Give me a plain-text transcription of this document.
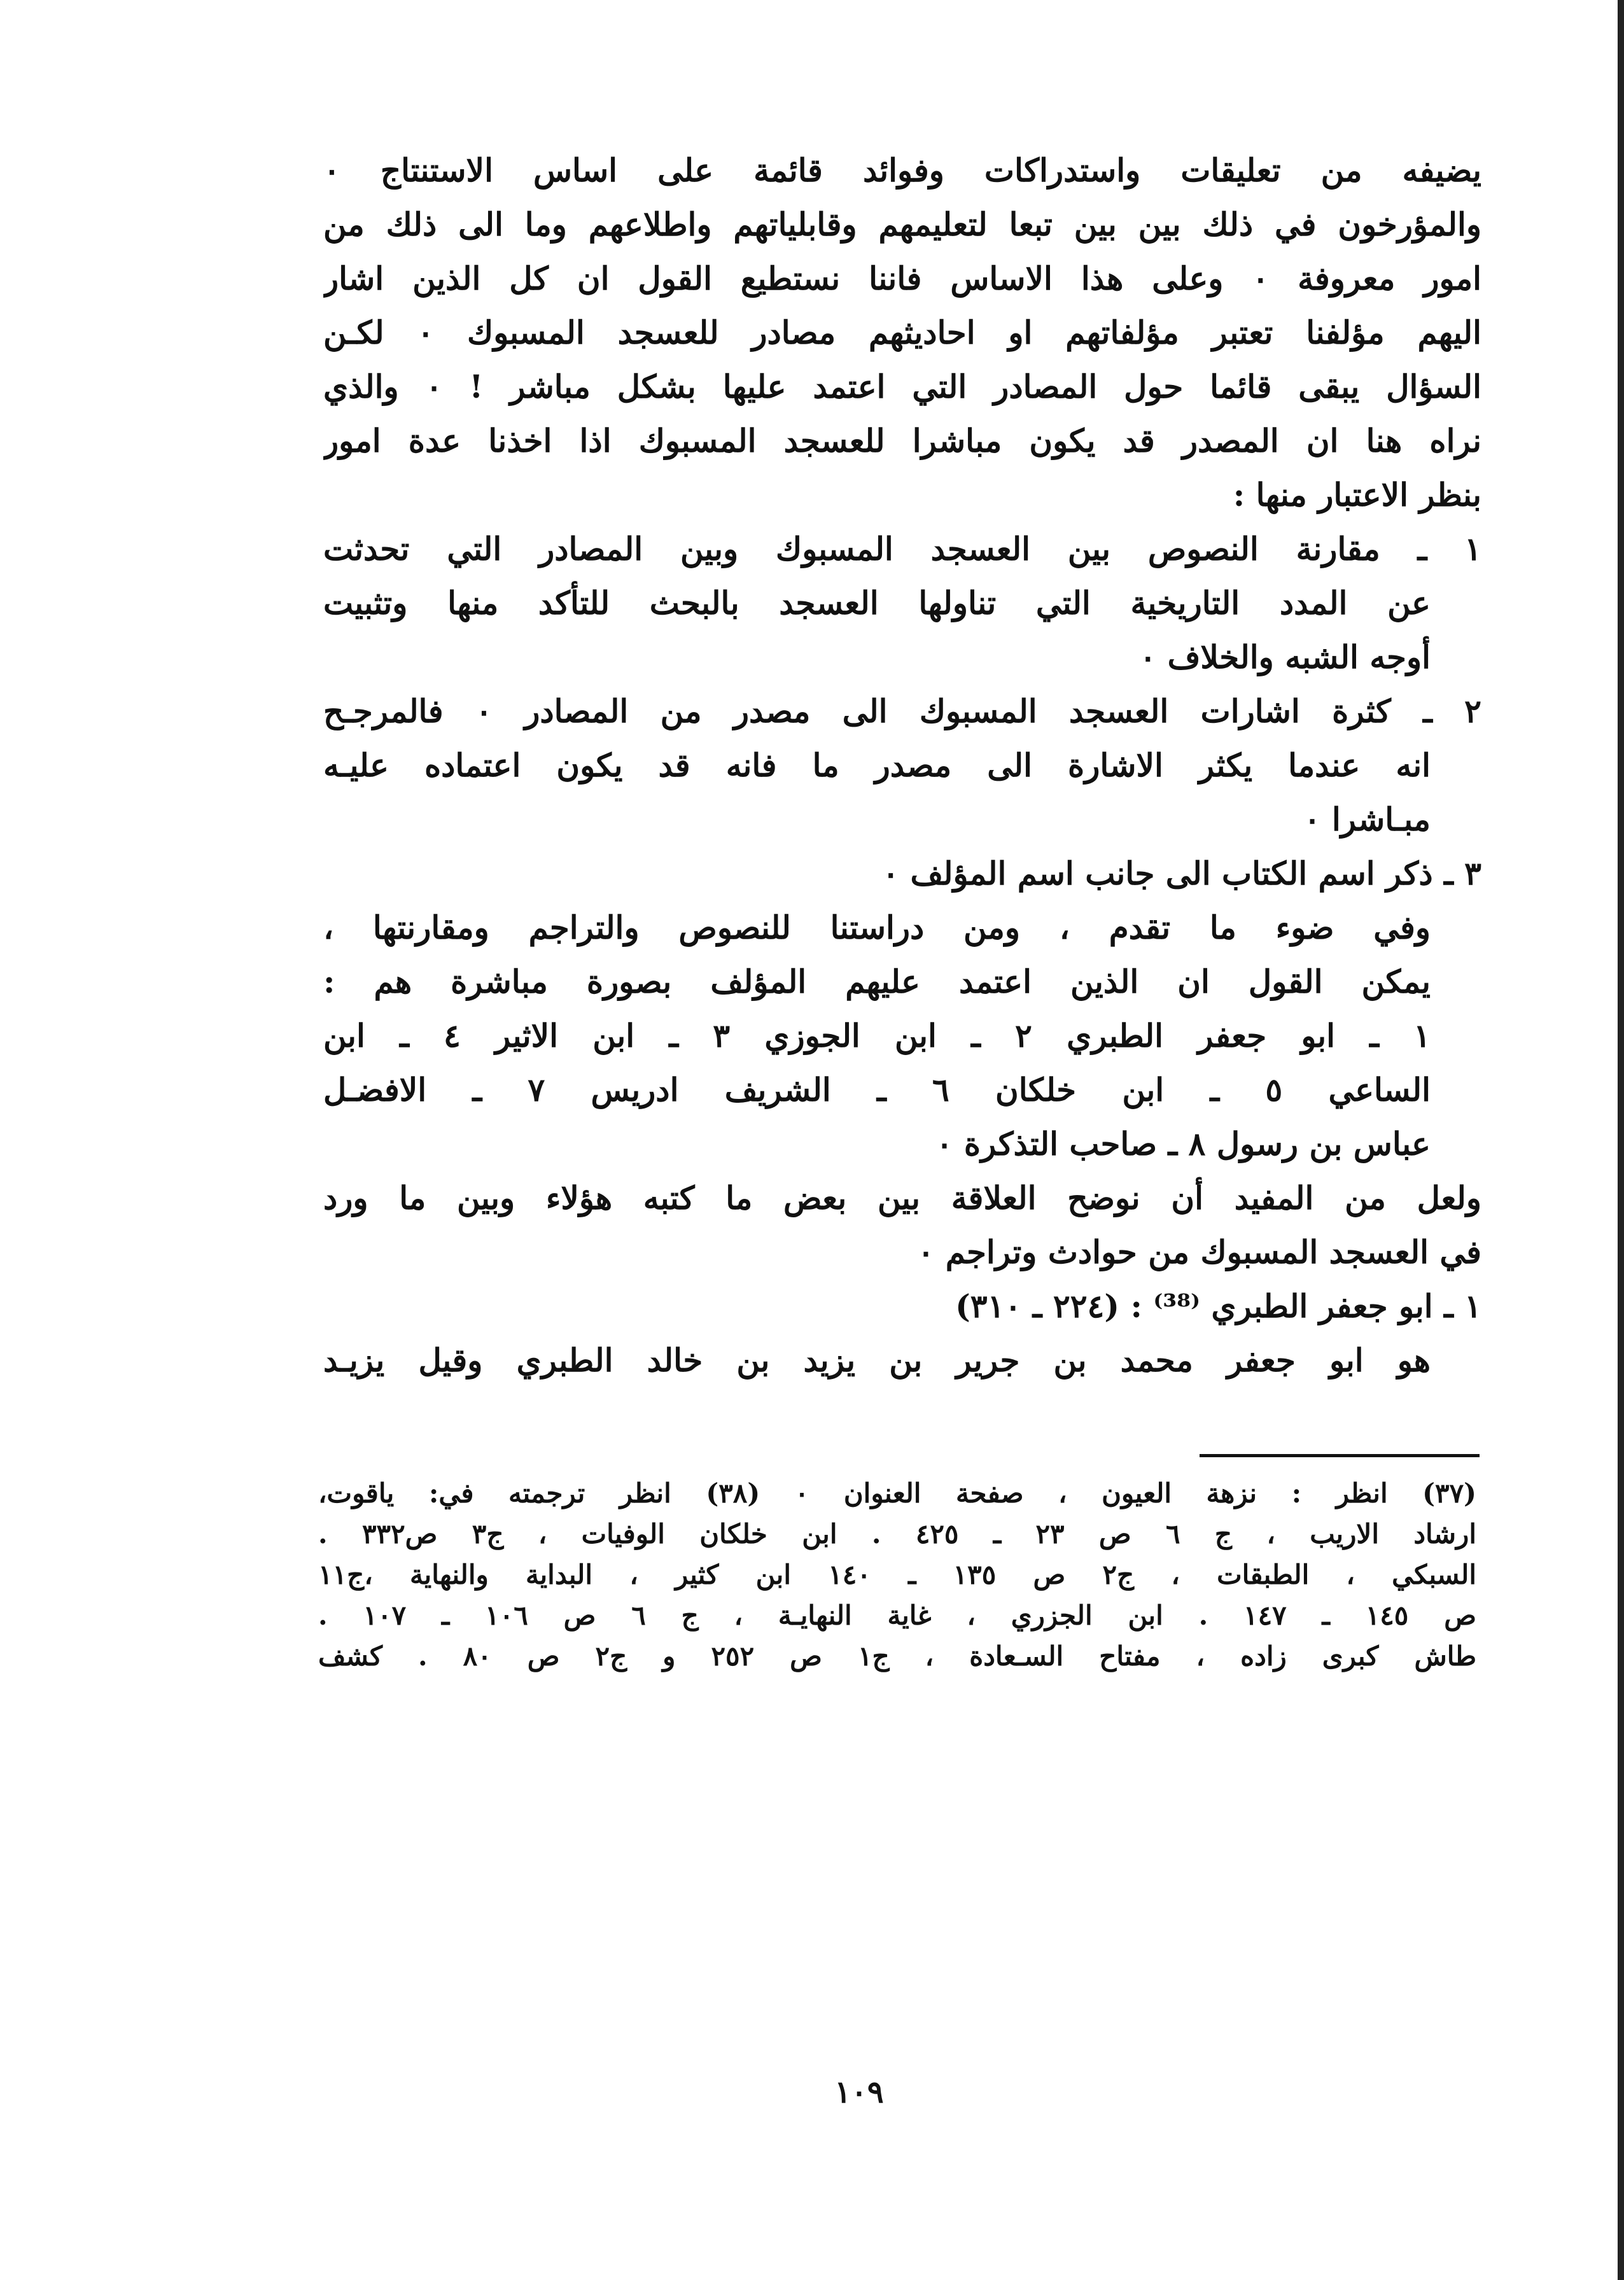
يضيفه من تعليقات واستدراكات وفوائد قائمة على اساس الاستنتاج ٠
والمؤرخون في ذلك بين بين تبعا لتعليمهم وقابلياتهم واطلاعهم وما الى ذلك من
امور معروفة ٠ وعلى هذا الاساس فاننا نستطيع القول ان كل الذين اشار
اليهم مؤلفنا تعتبر مؤلفاتهم او احاديثهم مصادر للعسجد المسبوك ٠ لكـن
السؤال يبقى قائما حول المصادر التي اعتمد عليها بشكل مباشر ! ٠ والذي
نراه هنا ان المصدر قد يكون مباشرا للعسجد المسبوك اذا اخذنا عدة امور
بنظر الاعتبار منها :
١ ـ مقارنة النصوص بين العسجد المسبوك وبين المصادر التي تحدثت
عن المدد التاريخية التي تناولها العسجد بالبحث للتأكد منها وتثبيت
أوجه الشبه والخلاف ٠
٢ ـ كثرة اشارات العسجد المسبوك الى مصدر من المصادر ٠ فالمرجـح
انه عندما يكثر الاشارة الى مصدر ما فانه قد يكون اعتماده عليـه
مبـاشرا ٠
٣ ـ ذكر اسم الكتاب الى جانب اسم المؤلف ٠
وفي ضوء ما تقدم ، ومن دراستنا للنصوص والتراجم ومقارنتها ،
يمكن القول ان الذين اعتمد عليهم المؤلف بصورة مباشرة هم :
١ ـ ابو جعفر الطبري ٢ ـ ابن الجوزي ٣ ـ ابن الاثير ٤ ـ ابن
الساعي ٥ ـ ابن خلكان ٦ ـ الشريف ادريس ٧ ـ الافضـل
عباس بن رسول ٨ ـ صاحب التذكرة ٠
ولعل من المفيد أن نوضح العلاقة بين بعض ما كتبه هؤلاء وبين ما ورد
في العسجد المسبوك من حوادث وتراجم ٠
١ ـ ابو جعفر الطبري ⁽³⁸⁾ : (٢٢٤ ـ ٣١٠)
هو ابو جعفر محمد بن جرير بن يزيد بن خالد الطبري وقيل يزيـد
(٣٧) انظر : نزهة العيون ، صفحة العنوان ٠ (٣٨) انظر ترجمته في: ياقوت،
ارشاد الاريب ، ج ٦ ص ٢٣ ـ ٤٢٥ . ابن خلكان الوفيات ، ج٣ ص٣٣٢ .
السبكي ، الطبقات ، ج٢ ص ١٣٥ ـ ١٤٠ ابن كثير ، البداية والنهاية ،ج١١
ص ١٤٥ ـ ١٤٧ . ابن الجزري ، غاية النهايـة ، ج ٦ ص ١٠٦ ـ ١٠٧ .
طاش كبرى زاده ، مفتاح السـعادة ، ج١ ص ٢٥٢ و ج٢ ص ٨٠ . كشف
١٠٩
